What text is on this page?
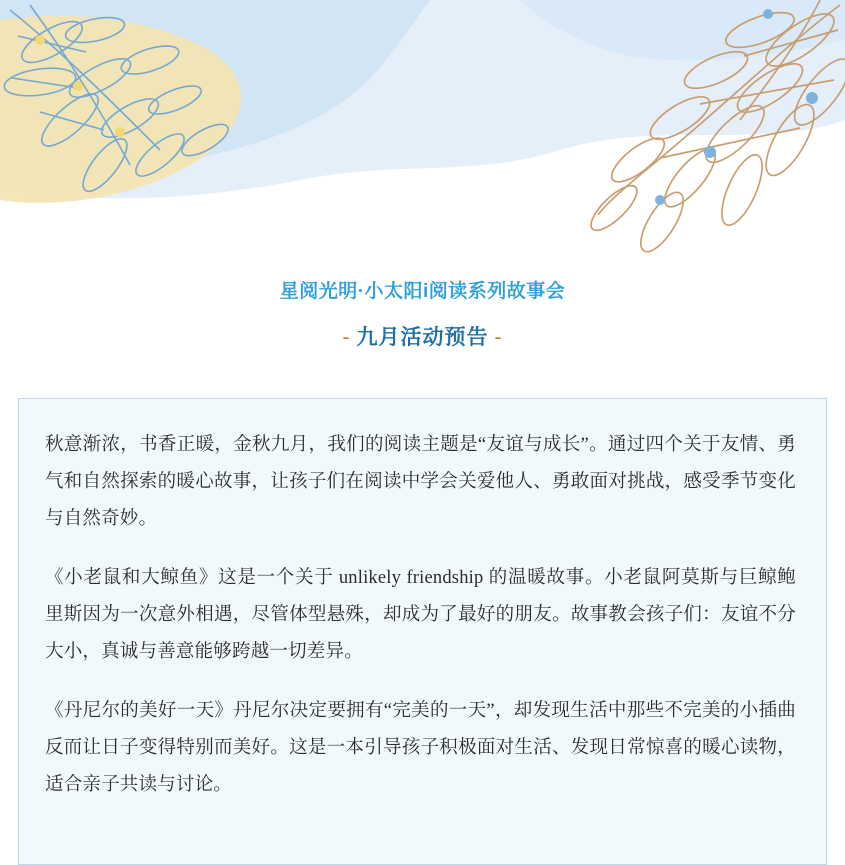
星阅光明·小太阳i阅读系列故事会
- 九月活动预告 -

秋意渐浓，书香正暖，金秋九月，我们的阅读主题是“友谊与成长”。通过四个关于友情、勇气和自然探索的暖心故事，让孩子们在阅读中学会关爱他人、勇敢面对挑战，感受季节变化与自然奇妙。

《小老鼠和大鲸鱼》这是一个关于 unlikely friendship 的温暖故事。小老鼠阿莫斯与巨鲸鲍里斯因为一次意外相遇，尽管体型悬殊，却成为了最好的朋友。故事教会孩子们：友谊不分大小，真诚与善意能够跨越一切差异。

《丹尼尔的美好一天》丹尼尔决定要拥有“完美的一天”，却发现生活中那些不完美的小插曲反而让日子变得特别而美好。这是一本引导孩子积极面对生活、发现日常惊喜的暖心读物，适合亲子共读与讨论。
